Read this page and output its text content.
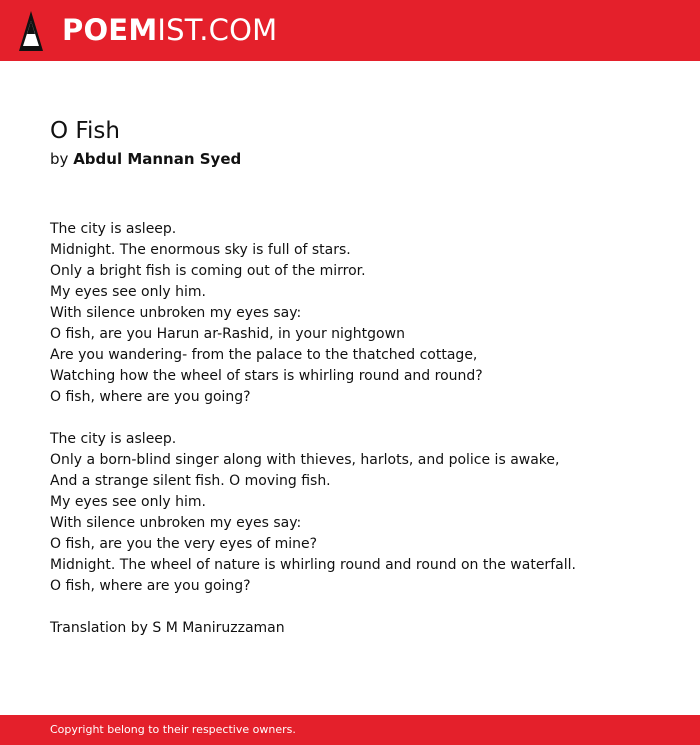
POEMIST.COM
O Fish
by Abdul Mannan Syed
The city is asleep.
Midnight. The enormous sky is full of stars.
Only a bright fish is coming out of the mirror.
My eyes see only him.
With silence unbroken my eyes say:
O fish, are you Harun ar-Rashid, in your nightgown
Are you wandering- from the palace to the thatched cottage,
Watching how the wheel of stars is whirling round and round?
O fish, where are you going?
The city is asleep.
Only a born-blind singer along with thieves, harlots, and police is awake,
And a strange silent fish. O moving fish.
My eyes see only him.
With silence unbroken my eyes say:
O fish, are you the very eyes of mine?
Midnight. The wheel of nature is whirling round and round on the waterfall.
O fish, where are you going?
Translation by S M Maniruzzaman
Copyright belong to their respective owners.
